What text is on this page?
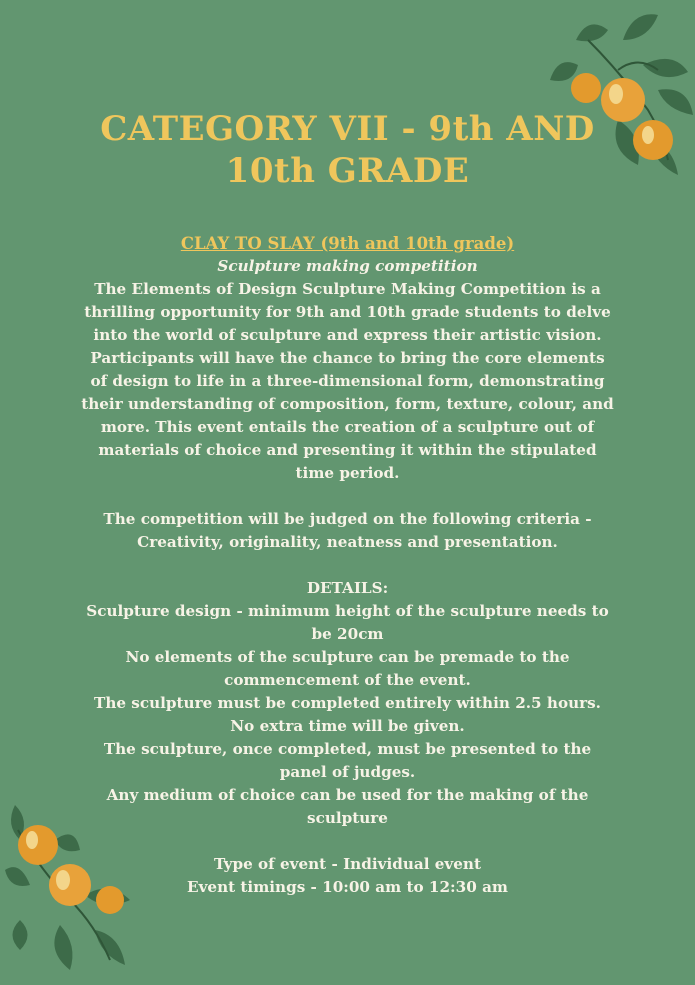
CATEGORY VII - 9th AND 10th GRADE
CLAY TO SLAY (9th and 10th grade)
Sculpture making competition
The Elements of Design Sculpture Making Competition is a thrilling opportunity for 9th and 10th grade students to delve into the world of sculpture and express their artistic vision. Participants will have the chance to bring the core elements of design to life in a three-dimensional form, demonstrating their understanding of composition, form, texture, colour, and more. This event entails the creation of a sculpture out of materials of choice and presenting it within the stipulated time period.
The competition will be judged on the following criteria - Creativity, originality, neatness and presentation.
DETAILS:
Sculpture design - minimum height of the sculpture needs to be 20cm
No elements of the sculpture can be premade to the commencement of the event.
The sculpture must be completed entirely within 2.5 hours. No extra time will be given.
The sculpture, once completed, must be presented to the panel of judges.
Any medium of choice can be used for the making of the sculpture
Type of event - Individual event
Event timings - 10:00 am to 12:30 am
